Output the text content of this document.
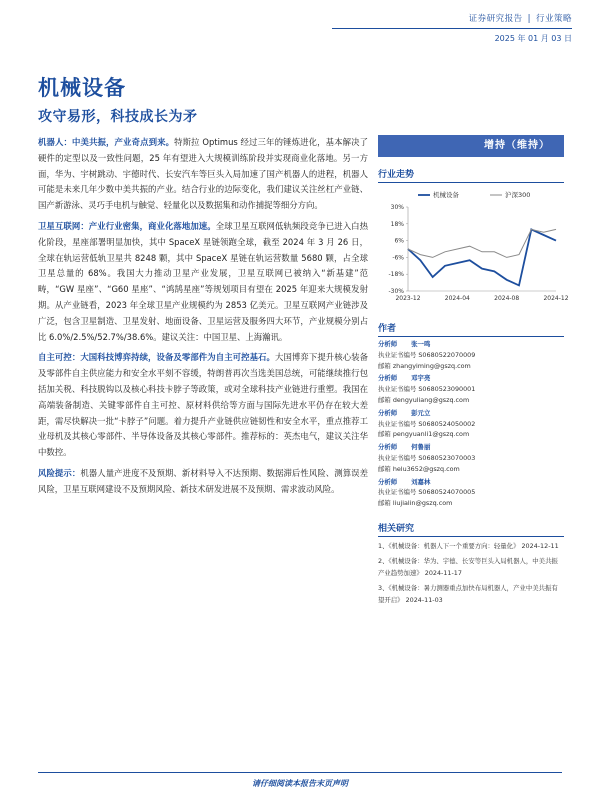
证券研究报告 | 行业策略
2025 年 01 月 03 日
机械设备
攻守易形，科技成长为矛

机器人：中美共振，产业奇点到来。特斯拉 Optimus 经过三年的锤炼进化，基本解决了硬件的定型以及一致性问题，25 年有望进入大规模训练阶段并实现商业化落地。另一方面，华为、宇树跳动、宇德时代、长安汽车等巨头入局加速了国产机器人的进程，机器人可能是未来几年少数中美共振的产业。结合行业的边际变化，我们建议关注丝杠产业链、国产新游泳、灵巧手电机与触觉、轻量化以及数据集和动作捕捉等细分方向。

卫星互联网：产业行业密集，商业化落地加速。全球卫星互联网低轨频段竞争已进入白热化阶段，星座部署明显加快，其中 SpaceX 星链领跑全球，截至 2024 年 3 月 26 日，全球在轨运营低轨卫星共 8248 颗，其中 SpaceX 星链在轨运营数量 5680 颗，占全球卫星总量的 68%。我国大力推动卫星产业发展，卫星互联网已被纳入“新基建”范畴，“GW 星座”、“G60 星座”、“鸿鹄星座”等规划项目有望在 2025 年迎来大规模发射期。从产业链看，2023 年全球卫星产业规模约为 2853 亿美元。卫星互联网产业链涉及广泛，包含卫星制造、卫星发射、地面设备、卫星运营及服务四大环节，产业规模分别占比 6.0%/2.5%/52.7%/38.6%。建议关注：中国卫星、上海瀚讯。

自主可控：大国科技博弈持续，设备及零部件为自主可控基石。大国博弈下提升核心装备及零部件自主供应能力和安全水平刻不容缓，特朗普再次当选美国总统，可能继续推行包括加关税、科技脱钩以及核心科技卡脖子等政策，或对全球科技产业链进行重塑。我国在高端装备制造、关键零部件自主可控、原材料供给等方面与国际先进水平仍存在较大差距，需尽快解决一批“卡脖子”问题。着力提升产业链供应链韧性和安全水平，重点推荐工业母机及其核心零部件、半导体设备及其核心零部件。推荐标的：英杰电气，建议关注华中数控。

风险提示：机器人量产进度不及预期、新材料导入不达预期、数据滞后性风险、测算误差风险，卫星互联网建设不及预期风险、新技术研发进展不及预期、需求波动风险。

增持（维持）
行业走势
30%
18%
6%
-6%
-18%
-30%
2023-12	2024-04	2024-08	2024-12
机械设备	沪深300
作者
分析师 张一鸣
执业证书编号 S0680522070009
邮箱 zhangyiming@gszq.com
分析师 邓宇亮
执业证书编号 S0680523090001
邮箱 dengyuliang@gszq.com
分析师 彭元立
执业证书编号 S0680524050002
邮箱 pengyuanli1@gszq.com
分析师 何鲁丽
执业证书编号 S0680523070003
邮箱 helu3652@gszq.com
分析师 刘嘉林
执业证书编号 S0680524070005
邮箱 liujialin@gszq.com
相关研究
1、《机械设备：机器人下一个重要方向：轻量化》 2024-12-11
2、《机械设备：华为、宇德、长安等巨头入局机器人，中美共振产业趋势加速》 2024-11-17
3、《机械设备：暑力测器重点加快布局机器人，产业中美共振有望开启》 2024-11-03
请仔细阅读本报告末页声明
